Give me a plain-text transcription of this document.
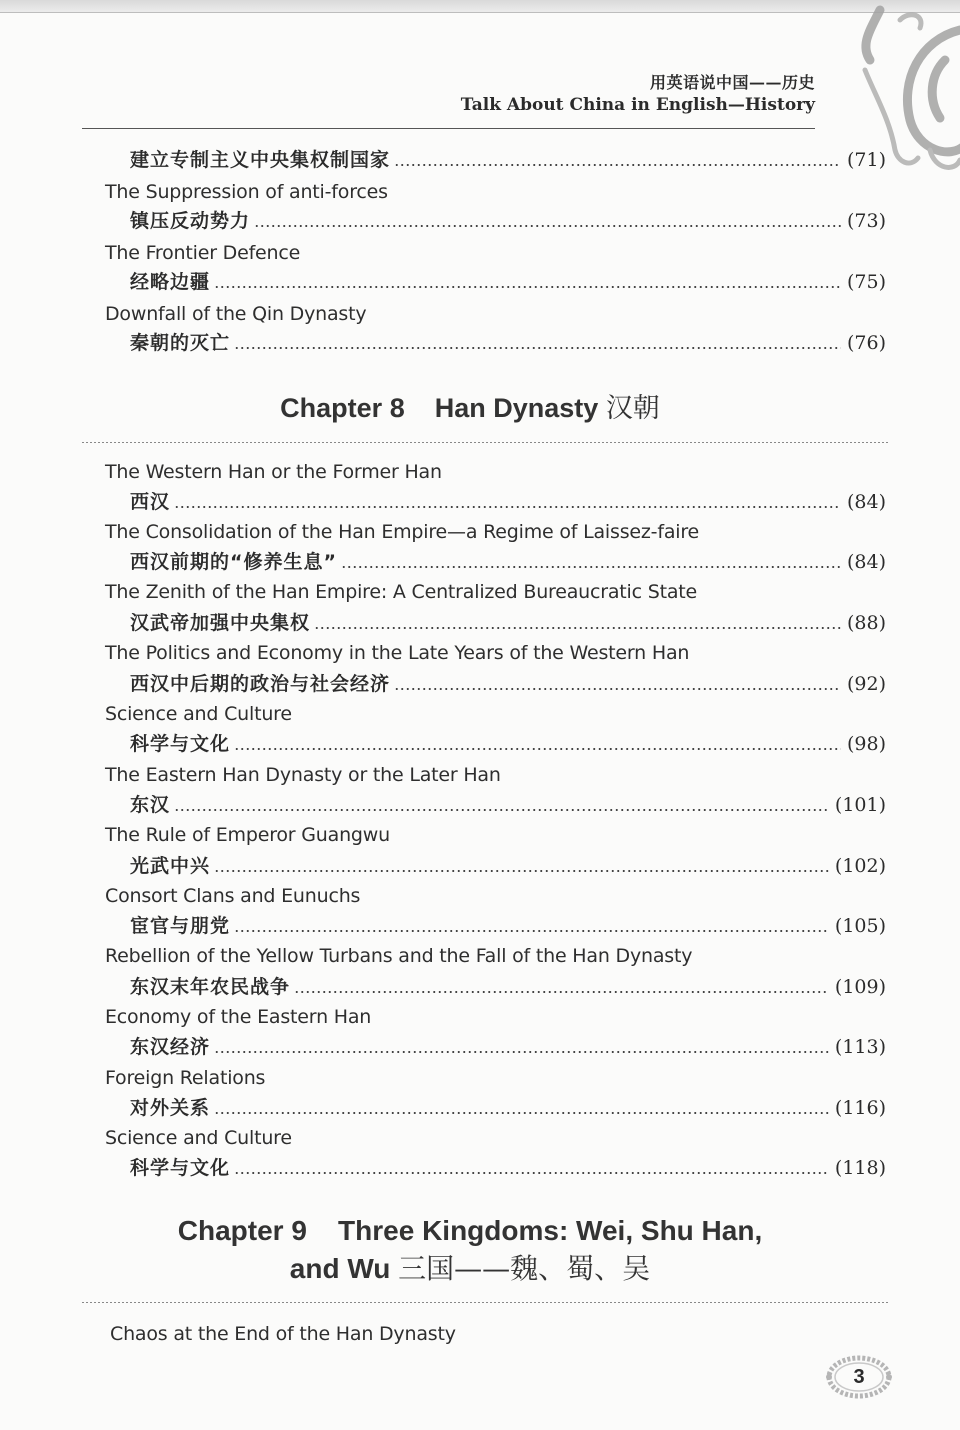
用英语说中国——历史
Talk About China in English—History
建立专制主义中央集权制国家	(71)
The Suppression of anti-forces
镇压反动势力	(73)
The Frontier Defence
经略边疆	(75)
Downfall of the Qin Dynasty
秦朝的灭亡	(76)
Chapter 8 Han Dynasty 汉朝
The Western Han or the Former Han
西汉	(84)
The Consolidation of the Han Empire—a Regime of Laissez-faire
西汉前期的“修养生息”	(84)
The Zenith of the Han Empire: A Centralized Bureaucratic State
汉武帝加强中央集权	(88)
The Politics and Economy in the Late Years of the Western Han
西汉中后期的政治与社会经济	(92)
Science and Culture
科学与文化	(98)
The Eastern Han Dynasty or the Later Han
东汉	(101)
The Rule of Emperor Guangwu
光武中兴	(102)
Consort Clans and Eunuchs
宦官与朋党	(105)
Rebellion of the Yellow Turbans and the Fall of the Han Dynasty
东汉末年农民战争	(109)
Economy of the Eastern Han
东汉经济	(113)
Foreign Relations
对外关系	(116)
Science and Culture
科学与文化	(118)
Chapter 9 Three Kingdoms: Wei, Shu Han,
and Wu 三国——魏、蜀、吴
Chaos at the End of the Han Dynasty
3
